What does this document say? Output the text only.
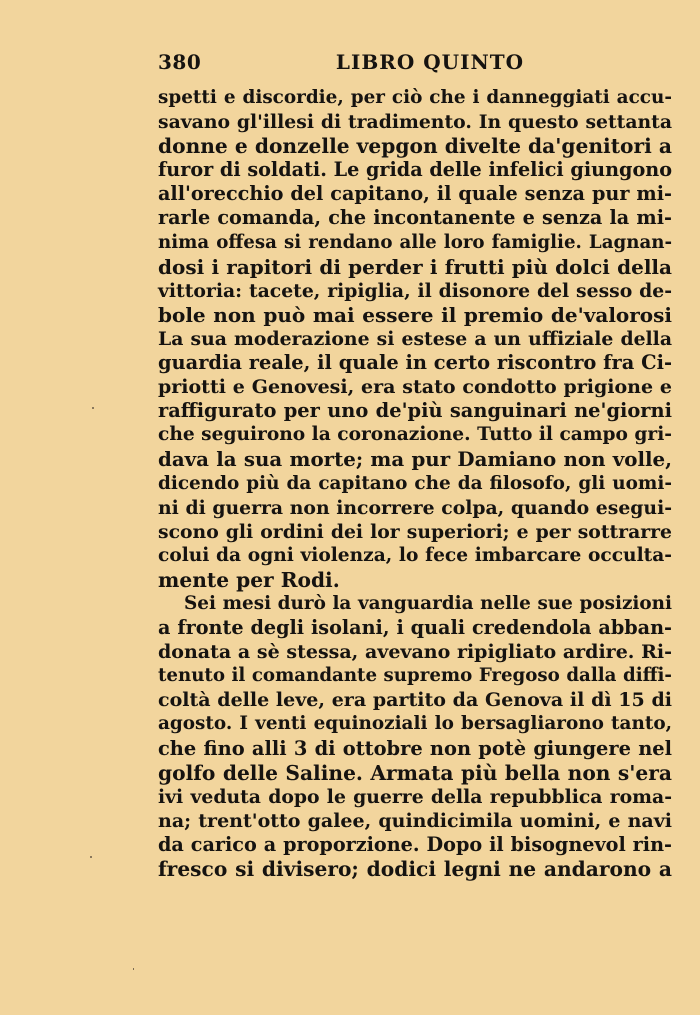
380	LIBRO QUINTO
spetti e discordie, per ciò che i danneggiati accu-
savano gl'illesi di tradimento. In questo settanta
donne e donzelle vepgon divelte da'genitori a
furor di soldati. Le grida delle infelici giungono
all'orecchio del capitano, il quale senza pur mi-
rarle comanda, che incontanente e senza la mi-
nima offesa si rendano alle loro famiglie. Lagnan-
dosi i rapitori di perder i frutti più dolci della
vittoria: tacete, ripiglia, il disonore del sesso de-
bole non può mai essere il premio de'valorosi
La sua moderazione si estese a un uffiziale della
guardia reale, il quale in certo riscontro fra Ci-
priotti e Genovesi, era stato condotto prigione e
raffigurato per uno de'più sanguinari ne'giorni
che seguirono la coronazione. Tutto il campo gri-
dava la sua morte; ma pur Damiano non volle,
dicendo più da capitano che da filosofo, gli uomi-
ni di guerra non incorrere colpa, quando esegui-
scono gli ordini dei lor superiori; e per sottrarre
colui da ogni violenza, lo fece imbarcare occulta-
mente per Rodi.
Sei mesi durò la vanguardia nelle sue posizioni
a fronte degli isolani, i quali credendola abban-
donata a sè stessa, avevano ripigliato ardire. Ri-
tenuto il comandante supremo Fregoso dalla diffi-
coltà delle leve, era partito da Genova il dì 15 di
agosto. I venti equinoziali lo bersagliarono tanto,
che fino alli 3 di ottobre non potè giungere nel
golfo delle Saline. Armata più bella non s'era
ivi veduta dopo le guerre della repubblica roma-
na; trent'otto galee, quindicimila uomini, e navi
da carico a proporzione. Dopo il bisognevol rin-
fresco si divisero; dodici legni ne andarono a
